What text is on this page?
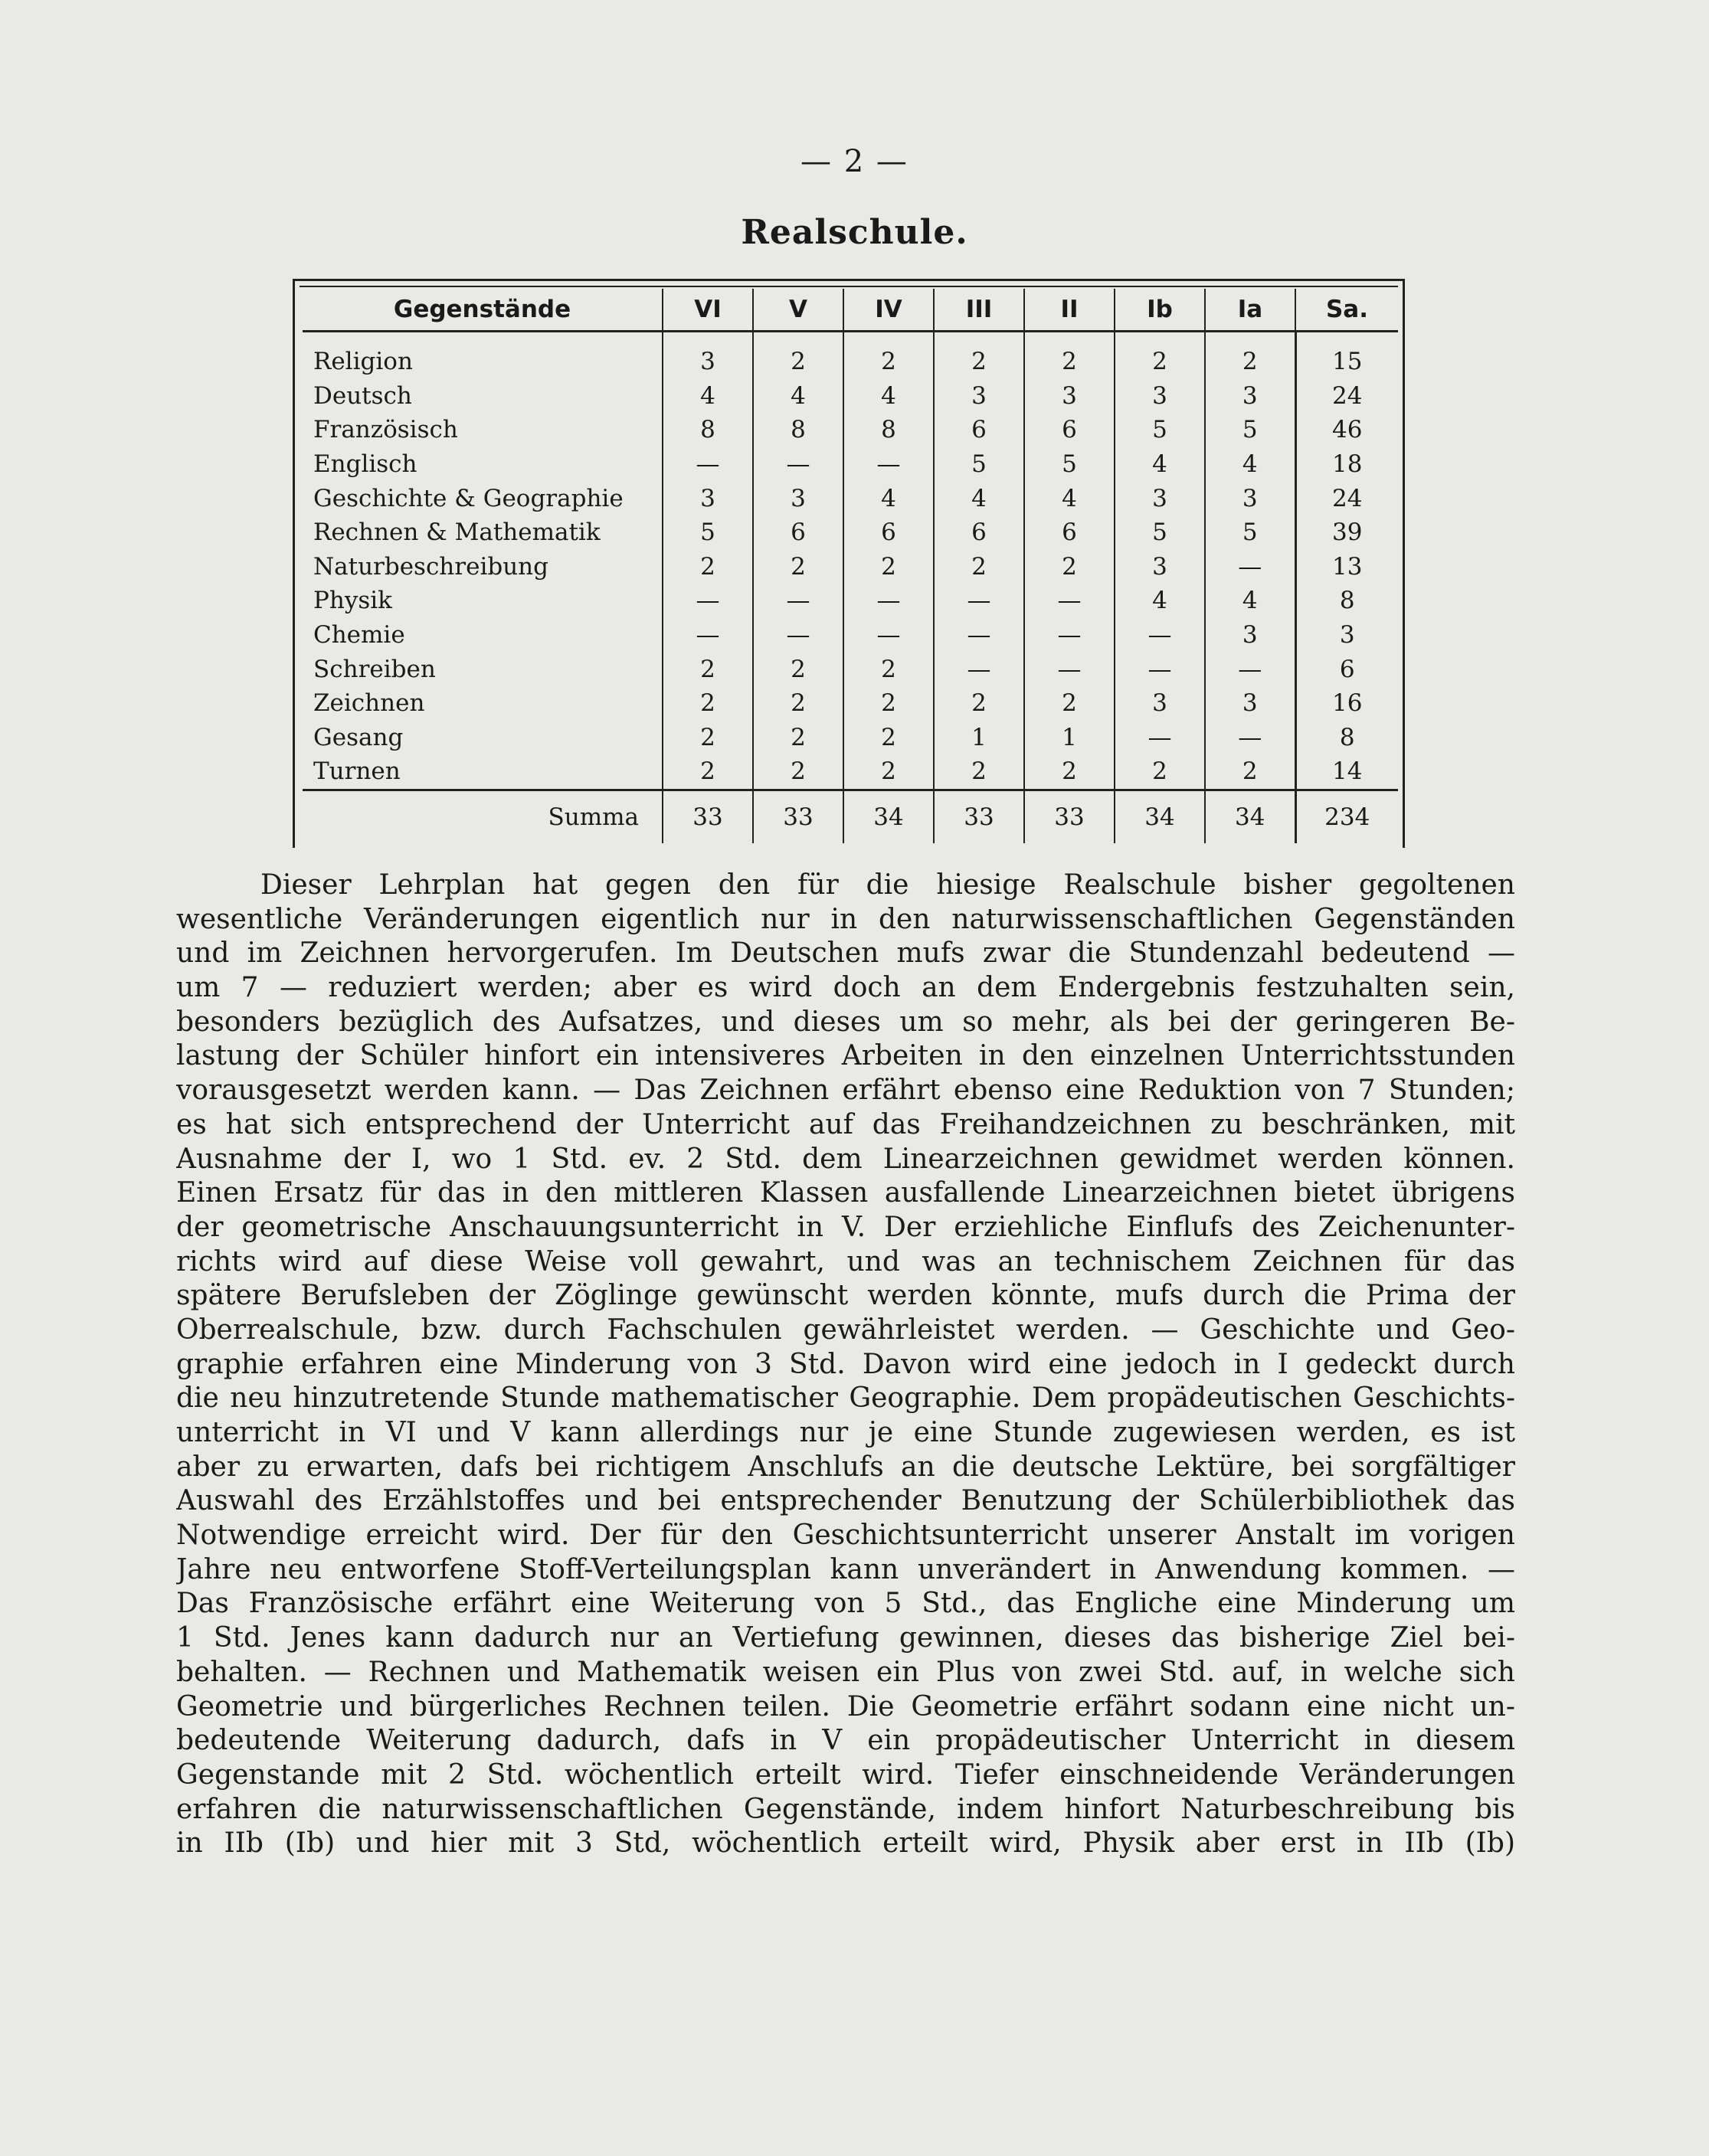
— 2 —
Realschule.
Gegenstände	VI	V	IV	III	II	Ib	Ia	Sa.
Religion	3	2	2	2	2	2	2	15
Deutsch	4	4	4	3	3	3	3	24
Französisch	8	8	8	6	6	5	5	46
Englisch	—	—	—	5	5	4	4	18
Geschichte & Geographie	3	3	4	4	4	3	3	24
Rechnen & Mathematik	5	6	6	6	6	5	5	39
Naturbeschreibung	2	2	2	2	2	3	—	13
Physik	—	—	—	—	—	4	4	8
Chemie	—	—	—	—	—	—	3	3
Schreiben	2	2	2	—	—	—	—	6
Zeichnen	2	2	2	2	2	3	3	16
Gesang	2	2	2	1	1	—	—	8
Turnen	2	2	2	2	2	2	2	14
Summa	33	33	34	33	33	34	34	234
Dieser Lehrplan hat gegen den für die hiesige Realschule bisher gegoltenen
wesentliche Veränderungen eigentlich nur in den naturwissenschaftlichen Gegenständen
und im Zeichnen hervorgerufen. Im Deutschen mufs zwar die Stundenzahl bedeutend —
um 7 — reduziert werden; aber es wird doch an dem Endergebnis festzuhalten sein,
besonders bezüglich des Aufsatzes, und dieses um so mehr, als bei der geringeren Be-
lastung der Schüler hinfort ein intensiveres Arbeiten in den einzelnen Unterrichtsstunden
vorausgesetzt werden kann. — Das Zeichnen erfährt ebenso eine Reduktion von 7 Stunden;
es hat sich entsprechend der Unterricht auf das Freihandzeichnen zu beschränken, mit
Ausnahme der I, wo 1 Std. ev. 2 Std. dem Linearzeichnen gewidmet werden können.
Einen Ersatz für das in den mittleren Klassen ausfallende Linearzeichnen bietet übrigens
der geometrische Anschauungsunterricht in V. Der erziehliche Einflufs des Zeichenunter-
richts wird auf diese Weise voll gewahrt, und was an technischem Zeichnen für das
spätere Berufsleben der Zöglinge gewünscht werden könnte, mufs durch die Prima der
Oberrealschule, bzw. durch Fachschulen gewährleistet werden. — Geschichte und Geo-
graphie erfahren eine Minderung von 3 Std. Davon wird eine jedoch in I gedeckt durch
die neu hinzutretende Stunde mathematischer Geographie. Dem propädeutischen Geschichts-
unterricht in VI und V kann allerdings nur je eine Stunde zugewiesen werden, es ist
aber zu erwarten, dafs bei richtigem Anschlufs an die deutsche Lektüre, bei sorgfältiger
Auswahl des Erzählstoffes und bei entsprechender Benutzung der Schülerbibliothek das
Notwendige erreicht wird. Der für den Geschichtsunterricht unserer Anstalt im vorigen
Jahre neu entworfene Stoff-Verteilungsplan kann unverändert in Anwendung kommen. —
Das Französische erfährt eine Weiterung von 5 Std., das Engliche eine Minderung um
1 Std. Jenes kann dadurch nur an Vertiefung gewinnen, dieses das bisherige Ziel bei-
behalten. — Rechnen und Mathematik weisen ein Plus von zwei Std. auf, in welche sich
Geometrie und bürgerliches Rechnen teilen. Die Geometrie erfährt sodann eine nicht un-
bedeutende Weiterung dadurch, dafs in V ein propädeutischer Unterricht in diesem
Gegenstande mit 2 Std. wöchentlich erteilt wird. Tiefer einschneidende Veränderungen
erfahren die naturwissenschaftlichen Gegenstände, indem hinfort Naturbeschreibung bis
in IIb (Ib) und hier mit 3 Std, wöchentlich erteilt wird, Physik aber erst in IIb (Ib)
